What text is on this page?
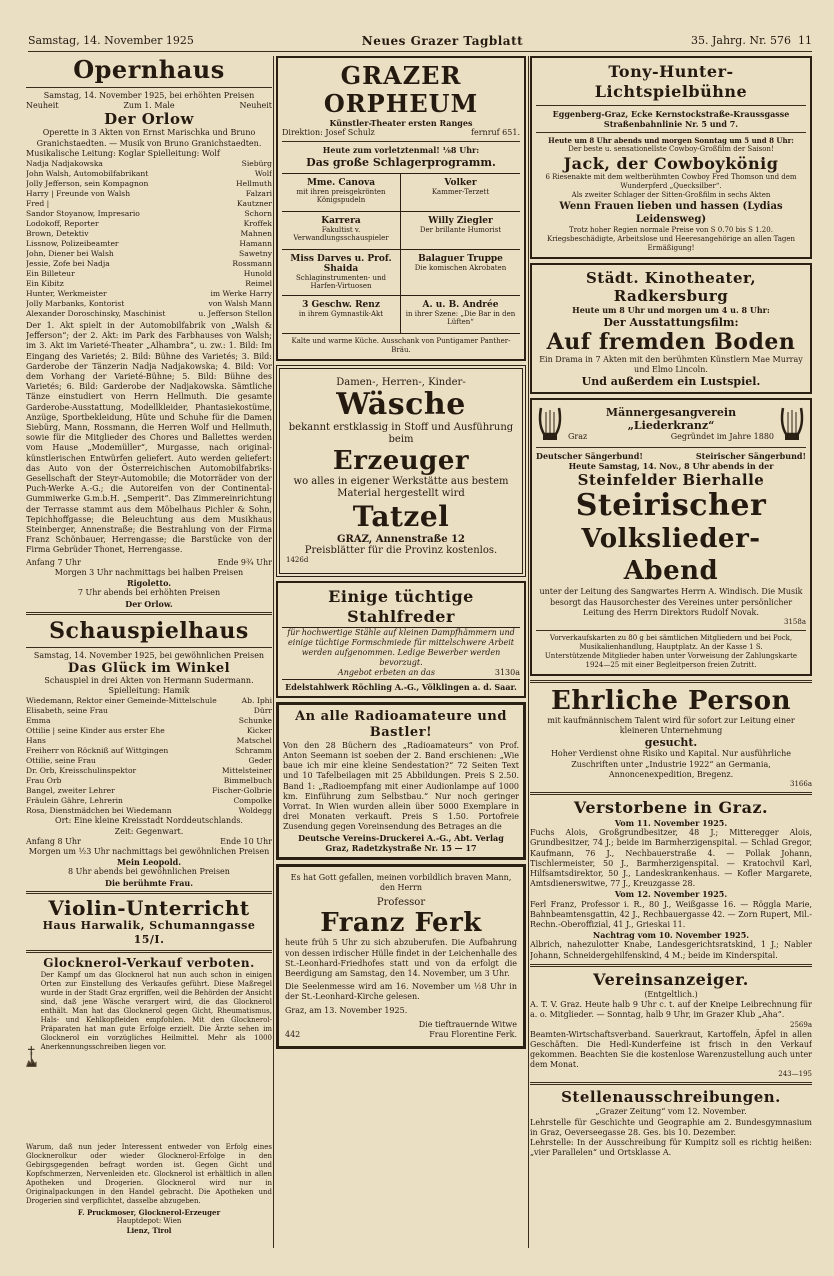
Samstag, 14. November 1925	Neues Grazer Tagblatt	35. Jahrg. Nr. 576 11
Opernhaus
Samstag, 14. November 1925, bei erhöhten Preisen
Neuheit	Zum 1. Male	Neuheit
Der Orlow
Operette in 3 Akten von Ernst Marischka und Bruno Granichstaedten. — Musik von Bruno Granichstaedten.
Musikalische Leitung: Koglar Spielleitung: Wolf
Nadja Nadjakowska	Siebürg
John Walsh, Automobilfabrikant	Wolf
Jolly Jefferson, sein Kompagnon	Hellmuth
Harry | Freunde von Walsh	Falzari
Fred |	Kautzner
Sandor Stoyanow, Impresario	Schorn
Lodokoff, Reporter	Kroffek
Brown, Detektiv	Mahnen
Lissnow, Polizeibeamter	Hamann
John, Diener bei Walsh	Sawetny
Jessie, Zofe bei Nadja	Rossmann
Ein Billeteur	Hunold
Ein Kibitz	Reimel
Hunter, Werkmeister	im Werke Harry
Jolly Marbanks, Kontorist	von Walsh Mann
Alexander Doroschinsky, Maschinist	u. Jefferson Stellon
Der 1. Akt spielt in der Automobilfabrik von „Walsh & Jefferson“; der 2. Akt: im Park des Farbhauses von Walsh; im 3. Akt im Varieté-Theater „Alhambra“, u. zw.: 1. Bild: Im Eingang des Varietés; 2. Bild: Bühne des Varietés; 3. Bild: Garderobe der Tänzerin Nadja Nadjakowska; 4. Bild: Vor dem Vorhang der Varieté-Bühne; 5. Bild: Bühne des Varietés; 6. Bild: Garderobe der Nadjakowska. Sämtliche Tänze einstudiert von Herrn Hellmuth. Die gesamte Garderobe-Ausstattung, Modellkleider, Phantasiekostüme, Anzüge, Sportbekleidung, Hüte und Schuhe für die Damen Siebürg, Mann, Rossmann, die Herren Wolf und Hellmuth, sowie für die Mitglieder des Chores und Ballettes werden vom Hause „Modemüller“, Murgasse, nach original-künstlerischen Entwürfen geliefert. Auto werden geliefert: das Auto von der Österreichischen Automobilfabriks-Gesellschaft der Steyr-Automobile; die Motorräder von der Puch-Werke A.-G.; die Autoreifen von der Continental-Gummiwerke G.m.b.H. „Semperit“. Das Zimmereinrichtung der Terrasse stammt aus dem Möbelhaus Pichler & Sohn, Tepichhoffgasse; die Beleuchtung aus dem Musikhaus Steinberger, Annenstraße; die Bestrahlung von der Firma Franz Schönbauer, Herrengasse; die Barstücke von der Firma Gebrüder Thonet, Herrengasse.
Anfang 7 Uhr	Ende 9¾ Uhr
Morgen 3 Uhr nachmittags bei halben Preisen
Rigoletto.
7 Uhr abends bei erhöhten Preisen
Der Orlow.
Schauspielhaus
Samstag, 14. November 1925, bei gewöhnlichen Preisen
Das Glück im Winkel
Schauspiel in drei Akten von Hermann Sudermann.
Spielleitung: Hamik
Wiedemann, Rektor einer Gemeinde-Mittelschule	Ab. Iphi
Elisabeth, seine Frau	Dürr
Emma	Schunke
Ottilie | seine Kinder aus erster Ehe	Kicker
Hans	Matschel
Freiherr von Röckniß auf Wittgingen	Schramm
Ottilie, seine Frau	Geder
Dr. Orb, Kreisschulinspektor	Mittelsteiner
Frau Orb	Bimmelbuch
Bangel, zweiter Lehrer	Fischer-Golbrie
Fräulein Gähre, Lehrerin	Compolke
Rosa, Dienstmädchen bei Wiedemann	Woldegg
Ort: Eine kleine Kreisstadt Norddeutschlands.
Zeit: Gegenwart.
Anfang 8 Uhr	Ende 10 Uhr
Morgen um ½3 Uhr nachmittags bei gewöhnlichen Preisen
Mein Leopold.
8 Uhr abends bei gewöhnlichen Preisen
Die berühmte Frau.
Violin-Unterricht
Haus Harwalik, Schumanngasse 15/I.
Glocknerol-Verkauf verboten.
Der Kampf um das Glocknerol hat nun auch schon in einigen Orten zur Einstellung des Verkaufes geführt. Diese Maßregel wurde in der Stadt Graz ergriffen, weil die Behörden der Ansicht sind, daß jene Wäsche verargert wird, die das Glocknerol enthält. Man hat das Glocknerol gegen Gicht, Rheumatismus, Hals- und Kehlkopfleiden empfohlen. Mit den Glocknerol-Präparaten hat man gute Erfolge erzielt. Die Ärzte sehen im Glocknerol ein vorzügliches Heilmittel. Mehr als 1000 Anerkennungsschreiben liegen vor.
Warum, daß nun jeder Interessent entweder von Erfolg eines Glocknerolkur oder wieder Glocknerol-Erfolge in den Gebirgsgegenden befragt worden ist. Gegen Gicht und Kopfschmerzen, Nervenleiden etc. Glocknerol ist erhältlich in allen Apotheken und Drogerien. Glocknerol wird nur in Originalpackungen in den Handel gebracht. Die Apotheken und Drogerien sind verpflichtet, dasselbe abzugeben.
F. Pruckmoser, Glocknerol-Erzeuger
Hauptdepot: Wien
Lienz, Tirol
GRAZER ORPHEUM
Künstler-Theater ersten Ranges
Direktion: Josef Schulz	fernruf 651.
Heute zum vorletztenmal! ⅛8 Uhr:
Das große Schlagerprogramm.
Mme. Canova
mit ihren preisgekrönten Königspudeln
Volker
Kammer-Terzett
Karrera
Fakultist v. Verwandlungsschauspieler
Willy Ziegler
Der brillante Humorist
Miss Darves u. Prof. Shaida
Schlaginstrumenten- und Harfen-Virtuosen
Balaguer Truppe
Die komischen Akrobaten
3 Geschw. Renz
in ihrem Gymnastik-Akt
A. u. B. Andrée
in ihrer Szene: „Die Bar in den Lüften“
Kalte und warme Küche. Ausschank von Puntigamer Panther-Bräu.
Damen-, Herren-, Kinder-
Wäsche
bekannt erstklassig in Stoff und Ausführung beim
Erzeuger
wo alles in eigener Werkstätte aus bestem Material hergestellt wird
Tatzel
GRAZ, Annenstraße 12
Preisblätter für die Provinz kostenlos.
1426d
Einige tüchtige Stahlfreder
für hochwertige Stähle auf kleinen Dampfhämmern und einige tüchtige Formschmiede für mittelschwere Arbeit werden aufgenommen. Ledige Bewerber werden bevorzugt.
Angebot erbeten an das	3130a
Edelstahlwerk Röchling A.-G., Völklingen a. d. Saar.
An alle Radioamateure und Bastler!
Von den 28 Büchern des „Radioamateurs“ von Prof. Anton Seemann ist soeben der 2. Band erschienen: „Wie baue ich mir eine kleine Sendestation?“ 72 Seiten Text und 10 Tafelbeilagen mit 25 Abbildungen. Preis S 2.50. Band 1: „Radioempfang mit einer Audionlampe auf 1000 km. Einführung zum Selbstbau.“ Nur noch geringer Vorrat. In Wien wurden allein über 5000 Exemplare in drei Monaten verkauft. Preis S 1.50. Portofreie Zusendung gegen Voreinsendung des Betrages an die
Deutsche Vereins-Druckerei A.-G., Abt. Verlag
Graz, Radetzkystraße Nr. 15 — 17
Es hat Gott gefallen, meinen vorbildlich braven Mann, den Herrn
Professor
Franz Ferk
heute früh 5 Uhr zu sich abzuberufen. Die Aufbahrung von dessen irdischer Hülle findet in der Leichenhalle des St.-Leonhard-Friedhofes statt und von da erfolgt die Beerdigung am Samstag, den 14. November, um 3 Uhr.
Die Seelenmesse wird am 16. November um ½8 Uhr in der St.-Leonhard-Kirche gelesen.
Graz, am 13. November 1925.
Die tieftrauernde Witwe
442	Frau Florentine Ferk.
Tony-Hunter-Lichtspielbühne
Eggenberg-Graz, Ecke Kernstockstraße-Kraussgasse
Straßenbahnlinie Nr. 5 und 7.
Heute um 8 Uhr abends und morgen Sonntag um 5 und 8 Uhr:
Der beste u. sensationellste Cowboy-Großfilm der Saison!
Jack, der Cowboykönig
6 Riesenakte mit dem weltberühmten Cowboy Fred Thomson und dem Wunderpferd „Quecksilber“.
Als zweiter Schlager der Sitten-Großfilm in sechs Akten
Wenn Frauen lieben und hassen (Lydias Leidensweg)
Trotz hoher Regien normale Preise von S 0.70 bis S 1.20. Kriegsbeschädigte, Arbeitslose und Heeresangehörige an allen Tagen Ermäßigung!
Städt. Kinotheater, Radkersburg
Heute um 8 Uhr und morgen um 4 u. 8 Uhr:
Der Ausstattungsfilm:
Auf fremden Boden
Ein Drama in 7 Akten mit den berühmten Künstlern Mae Murray und Elmo Lincoln.
Und außerdem ein Lustspiel.
Männergesangverein „Liederkranz“
Graz	Gegründet im Jahre 1880
Deutscher Sängerbund!	Steirischer Sängerbund!
Heute Samstag, 14. Nov., 8 Uhr abends in der
Steinfelder Bierhalle
Steirischer
Volkslieder-Abend
unter der Leitung des Sangwartes Herrn A. Windisch. Die Musik besorgt das Hausorchester des Vereines unter persönlicher Leitung des Herrn Direktors Rudolf Novak.
3158a
Vorverkaufskarten zu 80 g bei sämtlichen Mitgliedern und bei Pock, Musikalienhandlung, Hauptplatz. An der Kasse 1 S.
Unterstützende Mitglieder haben unter Vorweisung der Zahlungskarte 1924—25 mit einer Begleitperson freien Zutritt.
Ehrliche Person
mit kaufmännischem Talent wird für sofort zur Leitung einer kleineren Unternehmung
gesucht.
Hoher Verdienst ohne Risiko und Kapital. Nur ausführliche Zuschriften unter „Industrie 1922“ an Germania, Annoncenexpedition, Bregenz.
3166a
Verstorbene in Graz.
Vom 11. November 1925.
Fuchs Alois, Großgrundbesitzer, 48 J.; Mitteregger Alois, Grundbesitzer, 74 J.; beide im Barmherzigenspital. — Schlad Gregor, Kaufmann, 76 J., Nechbauerstraße 4. — Pollak Johann, Tischlermeister, 50 J., Barmherzigenspital. — Kratochvil Karl, Hilfsamtsdirektor, 50 J., Landeskrankenhaus. — Kofler Margarete, Amtsdienerswitwe, 77 J., Kreuzgasse 28.
Vom 12. November 1925.
Ferl Franz, Professor i. R., 80 J., Weißgasse 16. — Röggla Marie, Bahnbeamtensgattin, 42 J., Rechbauergasse 42. — Zorn Rupert, Mil.-Rechn.-Oberoffizial, 41 J., Grieskai 11.
Nachtrag vom 10. November 1925.
Albrich, nahezulotter Knabe, Landesgerichtsratskind, 1 J.; Nabler Johann, Schneidergehilfenskind, 4 M.; beide im Kinderspital.
Vereinsanzeiger.
(Entgeltlich.)
A. T. V. Graz. Heute halb 9 Uhr c. t. auf der Kneipe Leibrechnung für a. o. Mitglieder. — Sonntag, halb 9 Uhr, im Grazer Klub „Aha“.
2569a
Beamten-Wirtschaftsverband. Sauerkraut, Kartoffeln, Äpfel in allen Geschäften. Die Hedl-Kunderfeine ist frisch in den Verkauf gekommen. Beachten Sie die kostenlose Warenzustellung auch unter dem Monat.
243—195
Stellenausschreibungen.
„Grazer Zeitung“ vom 12. November.
Lehrstelle für Geschichte und Geographie am 2. Bundesgymnasium in Graz, Oeverseegasse 28. Ges. bis 10. Dezember.
Lehrstelle: In der Ausschreibung für Kumpitz soll es richtig heißen: „vier Parallelen“ und Ortsklasse A.
